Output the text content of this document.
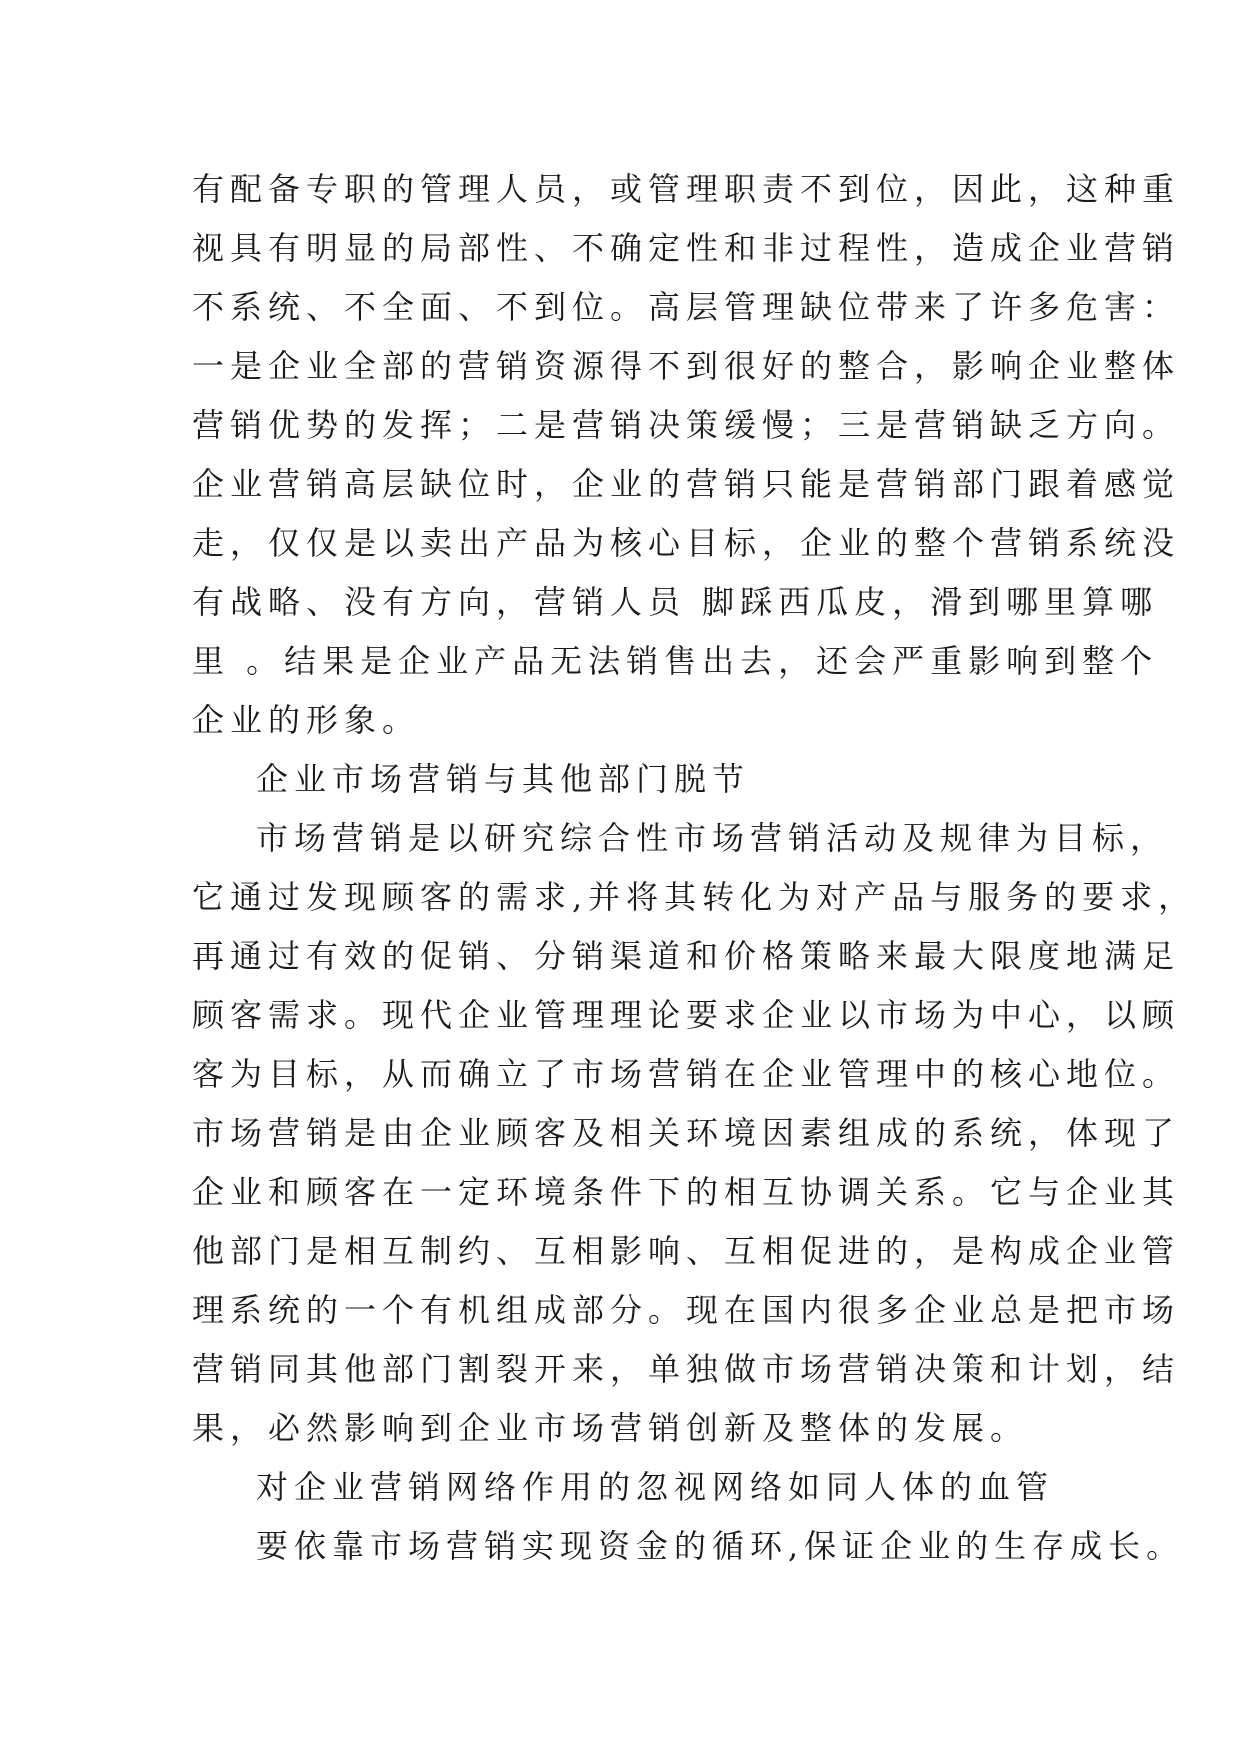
有配备专职的管理人员，或管理职责不到位，因此，这种重
视具有明显的局部性、不确定性和非过程性，造成企业营销
不系统、不全面、不到位。高层管理缺位带来了许多危害：
一是企业全部的营销资源得不到很好的整合，影响企业整体
营销优势的发挥；二是营销决策缓慢；三是营销缺乏方向。
企业营销高层缺位时，企业的营销只能是营销部门跟着感觉
走，仅仅是以卖出产品为核心目标，企业的整个营销系统没
有战略、没有方向，营销人员 脚踩西瓜皮，滑到哪里算哪
里 。结果是企业产品无法销售出去，还会严重影响到整个
企业的形象。
企业市场营销与其他部门脱节
市场营销是以研究综合性市场营销活动及规律为目标，
它通过发现顾客的需求,并将其转化为对产品与服务的要求，
再通过有效的促销、分销渠道和价格策略来最大限度地满足
顾客需求。现代企业管理理论要求企业以市场为中心，以顾
客为目标，从而确立了市场营销在企业管理中的核心地位。
市场营销是由企业顾客及相关环境因素组成的系统，体现了
企业和顾客在一定环境条件下的相互协调关系。它与企业其
他部门是相互制约、互相影响、互相促进的，是构成企业管
理系统的一个有机组成部分。现在国内很多企业总是把市场
营销同其他部门割裂开来，单独做市场营销决策和计划，结
果，必然影响到企业市场营销创新及整体的发展。
对企业营销网络作用的忽视网络如同人体的血管
要依靠市场营销实现资金的循环,保证企业的生存成长。
